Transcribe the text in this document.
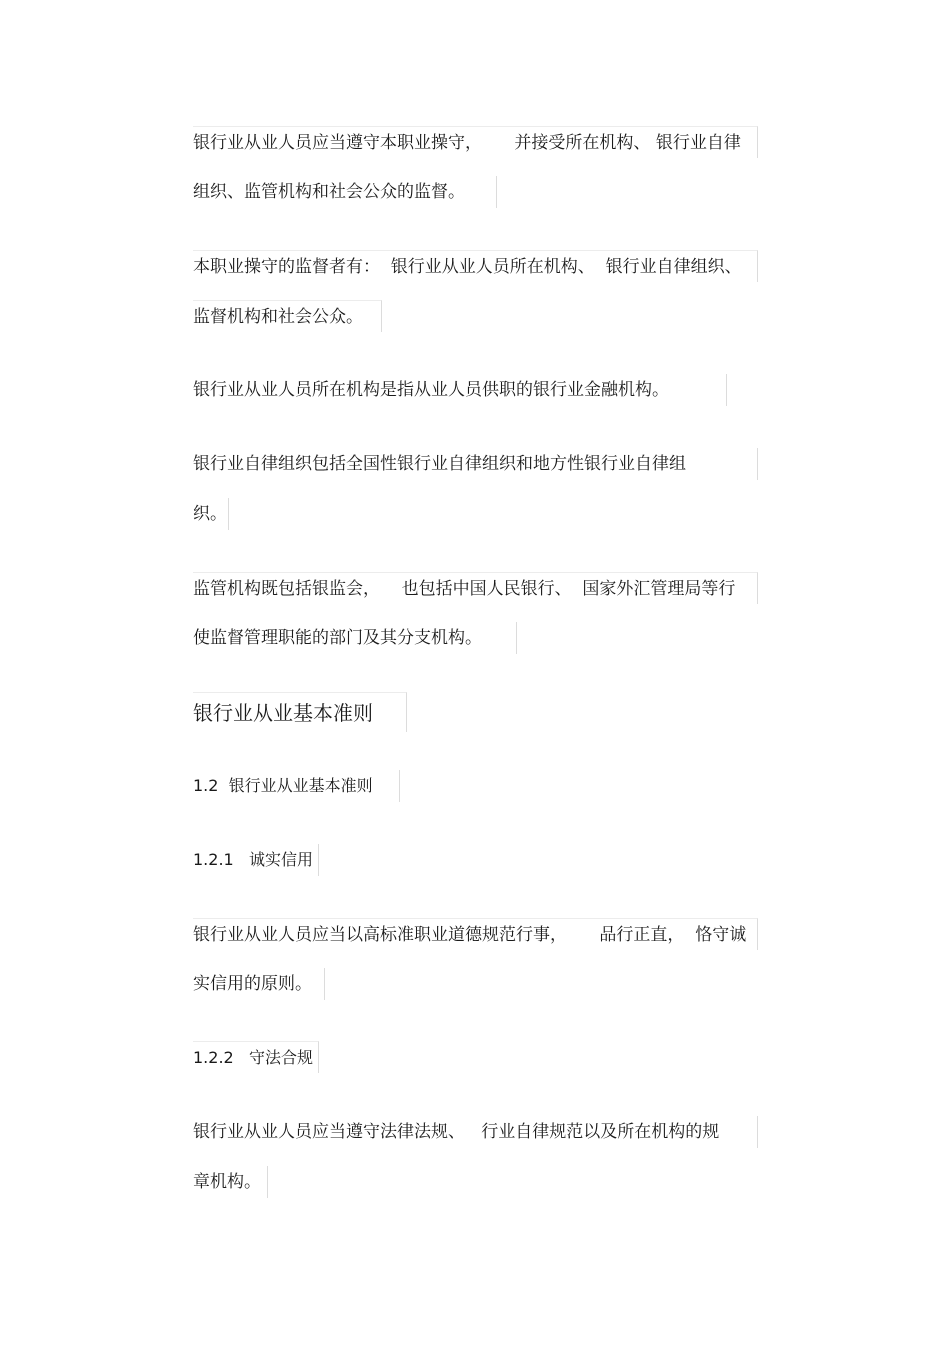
银行业从业人员应当遵守本职业操守，      并接受所在机构、 银行业自律
组织、监管机构和社会公众的监督。
本职业操守的监督者有：  银行业从业人员所在机构、  银行业自律组织、
监督机构和社会公众。
银行业从业人员所在机构是指从业人员供职的银行业金融机构。
银行业自律组织包括全国性银行业自律组织和地方性银行业自律组
织。
监管机构既包括银监会，    也包括中国人民银行、  国家外汇管理局等行
使监督管理职能的部门及其分支机构。
银行业从业基本准则
1.2  银行业从业基本准则
1.2.1   诚实信用
银行业从业人员应当以高标准职业道德规范行事，      品行正直，  恪守诚
实信用的原则。
1.2.2   守法合规
银行业从业人员应当遵守法律法规、   行业自律规范以及所在机构的规
章机构。
